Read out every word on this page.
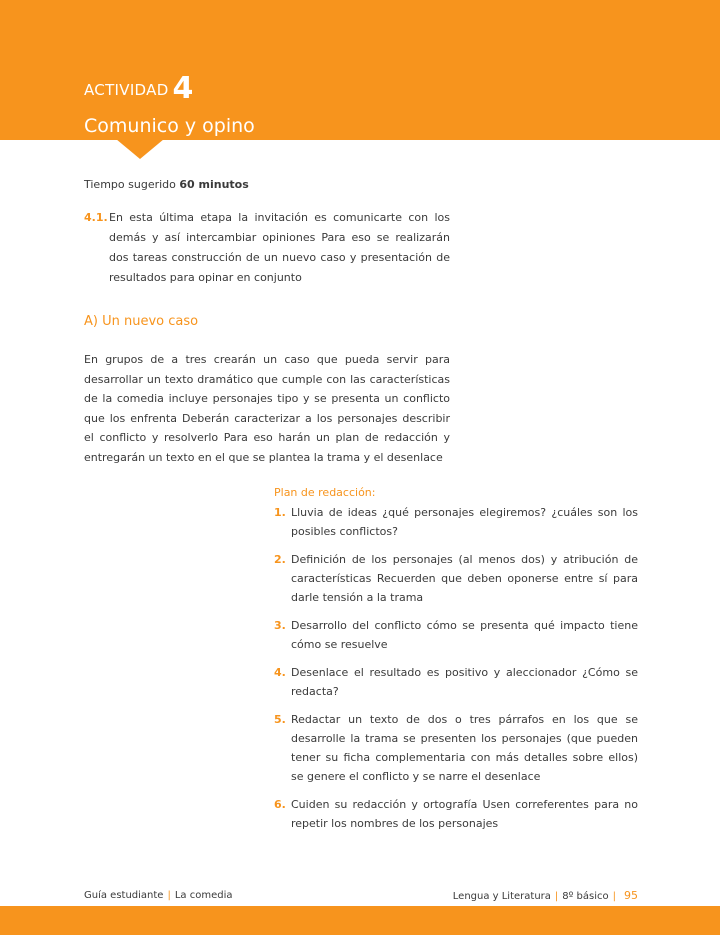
ACTIVIDAD 4
Comunico y opino
Tiempo sugerido 60 minutos
4.1. En esta última etapa la invitación es comunicarte con los demás y así intercambiar opiniones Para eso se realizarán dos tareas construcción de un nuevo caso y presentación de resultados para opinar en conjunto
A) Un nuevo caso
En grupos de a tres crearán un caso que pueda servir para desarrollar un texto dramático que cumple con las características de la comedia incluye personajes tipo y se presenta un conflicto que los enfrenta Deberán caracterizar a los personajes describir el conflicto y resolverlo Para eso harán un plan de redacción y entregarán un texto en el que se plantea la trama y el desenlace
Plan de redacción:
1. Lluvia de ideas ¿qué personajes elegiremos? ¿cuáles son los posibles conflictos?
2. Definición de los personajes (al menos dos) y atribución de características Recuerden que deben oponerse entre sí para darle tensión a la trama
3. Desarrollo del conflicto cómo se presenta qué impacto tiene cómo se resuelve
4. Desenlace el resultado es positivo y aleccionador ¿Cómo se redacta?
5. Redactar un texto de dos o tres párrafos en los que se desarrolle la trama se presenten los personajes (que pueden tener su ficha complementaria con más detalles sobre ellos) se genere el conflicto y se narre el desenlace
6. Cuiden su redacción y ortografía Usen correferentes para no repetir los nombres de los personajes
Guía estudiante | La comedia	Lengua y Literatura | 8º básico | 95
